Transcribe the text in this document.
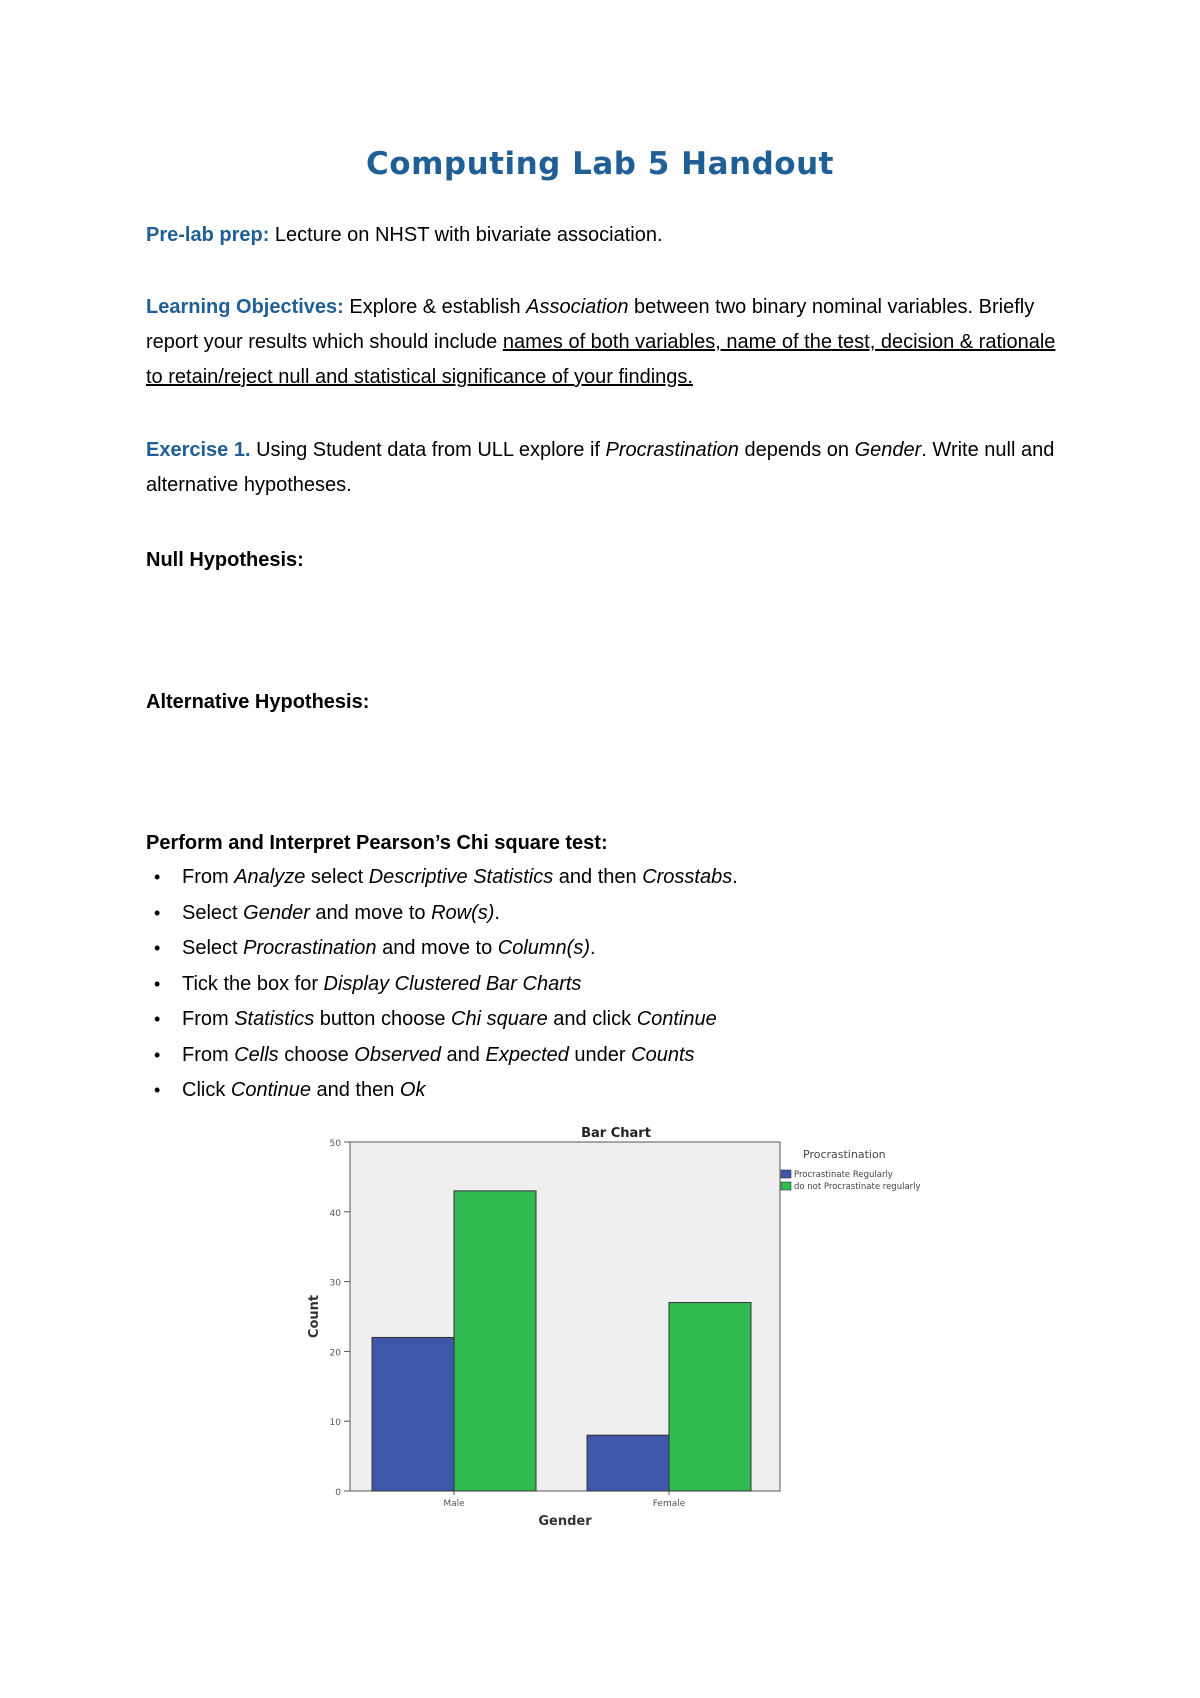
Computing Lab 5 Handout

Pre-lab prep: Lecture on NHST with bivariate association.

Learning Objectives: Explore & establish Association between two binary nominal variables. Briefly report your results which should include names of both variables, name of the test, decision & rationale to retain/reject null and statistical significance of your findings.

Exercise 1. Using Student data from ULL explore if Procrastination depends on Gender. Write null and alternative hypotheses.

Null Hypothesis:

Alternative Hypothesis:

Perform and Interpret Pearson’s Chi square test:

• From Analyze select Descriptive Statistics and then Crosstabs.
• Select Gender and move to Row(s).
• Select Procrastination and move to Column(s).
• Tick the box for Display Clustered Bar Charts
• From Statistics button choose Chi square and click Continue
• From Cells choose Observed and Expected under Counts
• Click Continue and then Ok
Bar Chart
0
10
20
30
40
50
Male	Female
Gender
Count
Procrastination
Procrastinate Regularly
do not Procrastinate regularly
